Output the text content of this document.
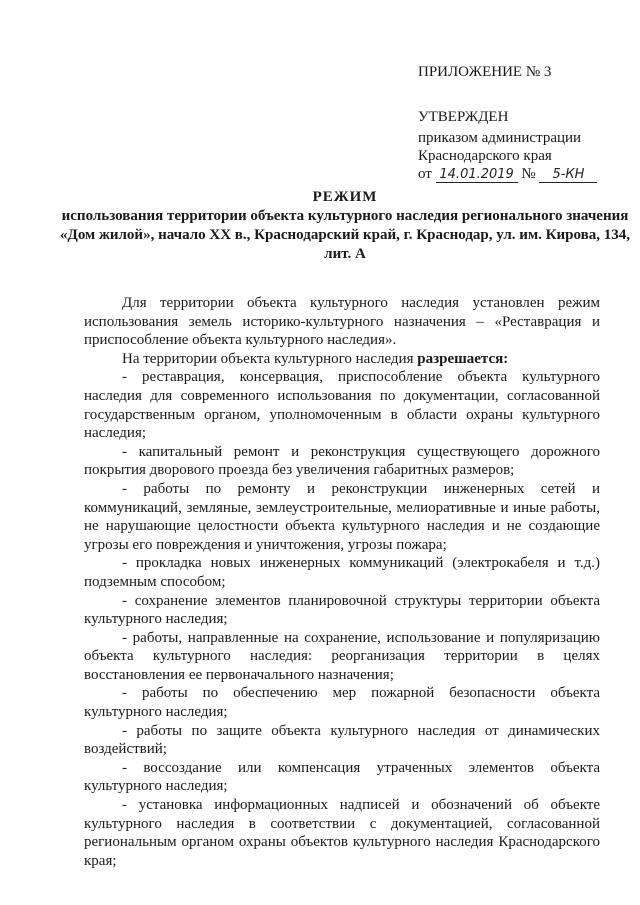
ПРИЛОЖЕНИЕ № 3
УТВЕРЖДЕН
приказом администрации
Краснодарского края
от 14.01.2019 № 5-КН
РЕЖИМ
использования территории объекта культурного наследия регионального значения «Дом жилой», начало XX в., Краснодарский край, г. Краснодар, ул. им. Кирова, 134, лит. А

Для территории объекта культурного наследия установлен режим использования земель историко-культурного назначения – «Реставрация и приспособление объекта культурного наследия».

На территории объекта культурного наследия разрешается:

- реставрация, консервация, приспособление объекта культурного наследия для современного использования по документации, согласованной государственным органом, уполномоченным в области охраны культурного наследия;

- капитальный ремонт и реконструкция существующего дорожного покрытия дворового проезда без увеличения габаритных размеров;

- работы по ремонту и реконструкции инженерных сетей и коммуникаций, земляные, землеустроительные, мелиоративные и иные работы, не нарушающие целостности объекта культурного наследия и не создающие угрозы его повреждения и уничтожения, угрозы пожара;

- прокладка новых инженерных коммуникаций (электрокабеля и т.д.) подземным способом;

- сохранение элементов планировочной структуры территории объекта культурного наследия;

- работы, направленные на сохранение, использование и популяризацию объекта культурного наследия: реорганизация территории в целях восстановления ее первоначального назначения;

- работы по обеспечению мер пожарной безопасности объекта культурного наследия;

- работы по защите объекта культурного наследия от динамических воздействий;

- воссоздание или компенсация утраченных элементов объекта культурного наследия;

- установка информационных надписей и обозначений об объекте культурного наследия в соответствии с документацией, согласованной региональным органом охраны объектов культурного наследия Краснодарского края;
